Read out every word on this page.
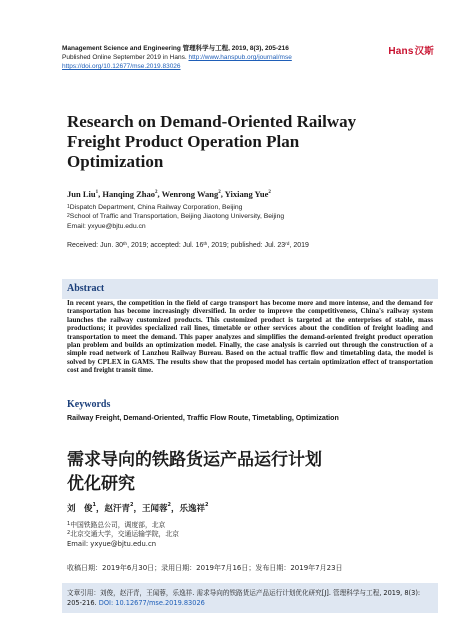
Management Science and Engineering 管理科学与工程, 2019, 8(3), 205-216
Published Online September 2019 in Hans. http://www.hanspub.org/journal/mse
https://doi.org/10.12677/mse.2019.83026
Hans汉斯
Research on Demand-Oriented Railway Freight Product Operation Plan Optimization
Jun Liu$^1$, Hanqing Zhao$^2$, Wenrong Wang$^2$, Yixiang Yue$^2$
$^1$Dispatch Department, China Railway Corporation, Beijing
$^2$School of Traffic and Transportation, Beijing Jiaotong University, Beijing
Email: yxyue@bjtu.edu.cn
Received: Jun. 30th, 2019; accepted: Jul. 16th, 2019; published: Jul. 23rd, 2019
Abstract
In recent years, the competition in the field of cargo transport has become more and more intense, and the demand for transportation has become increasingly diversified. In order to improve the competitiveness, China's railway system launches the railway customized products. This customized product is targeted at the enterprises of stable, mass productions; it provides specialized rail lines, timetable or other services about the condition of freight loading and transportation to meet the demand. This paper analyzes and simplifies the demand-oriented freight product operation plan problem and builds an optimization model. Finally, the case analysis is carried out through the construction of a simple road network of Lanzhou Railway Bureau. Based on the actual traffic flow and timetabling data, the model is solved by CPLEX in GAMS. The results show that the proposed model has certain optimization effect of transportation cost and freight transit time.
Keywords
Railway Freight, Demand-Oriented, Traffic Flow Route, Timetabling, Optimization
需求导向的铁路货运产品运行计划
优化研究
刘　俊$^1$，赵汗青$^2$，王闻蓉$^2$，乐逸祥$^2$
$^1$中国铁路总公司，调度部，北京
$^2$北京交通大学，交通运输学院，北京
Email: yxyue@bjtu.edu.cn
收稿日期：2019年6月30日；录用日期：2019年7月16日；发布日期：2019年7月23日
文章引用：刘俊，赵汗青，王闻蓉，乐逸祥. 需求导向的铁路货运产品运行计划优化研究[J]. 管理科学与工程, 2019, 8(3): 205-216. DOI: 10.12677/mse.2019.83026
